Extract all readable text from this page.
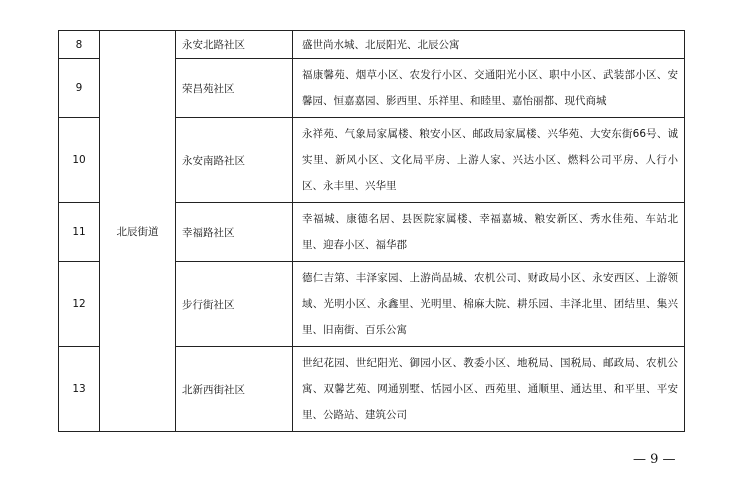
8	北辰街道	永安北路社区	盛世尚水城、北辰阳光、北辰公寓
9		荣昌苑社区	福康馨苑、烟草小区、农发行小区、交通阳光小区、职中小区、武装部小区、安馨园、恒嘉嘉园、影西里、乐祥里、和睦里、嘉怡丽都、现代商城
10		永安南路社区	永祥苑、气象局家属楼、粮安小区、邮政局家属楼、兴华苑、大安东街66号、诚实里、新风小区、文化局平房、上游人家、兴达小区、燃料公司平房、人行小区、永丰里、兴华里
11		幸福路社区	幸福城、康德名居、县医院家属楼、幸福嘉城、粮安新区、秀水佳苑、车站北里、迎春小区、福华郡
12		步行街社区	德仁吉第、丰泽家园、上游尚品城、农机公司、财政局小区、永安西区、上游领域、光明小区、永鑫里、光明里、棉麻大院、耕乐园、丰泽北里、团结里、集兴里、旧南街、百乐公寓
13		北新西街社区	世纪花园、世纪阳光、御园小区、教委小区、地税局、国税局、邮政局、农机公寓、双馨艺苑、网通别墅、恬园小区、西苑里、通顺里、通达里、和平里、平安里、公路站、建筑公司
— 9 —
